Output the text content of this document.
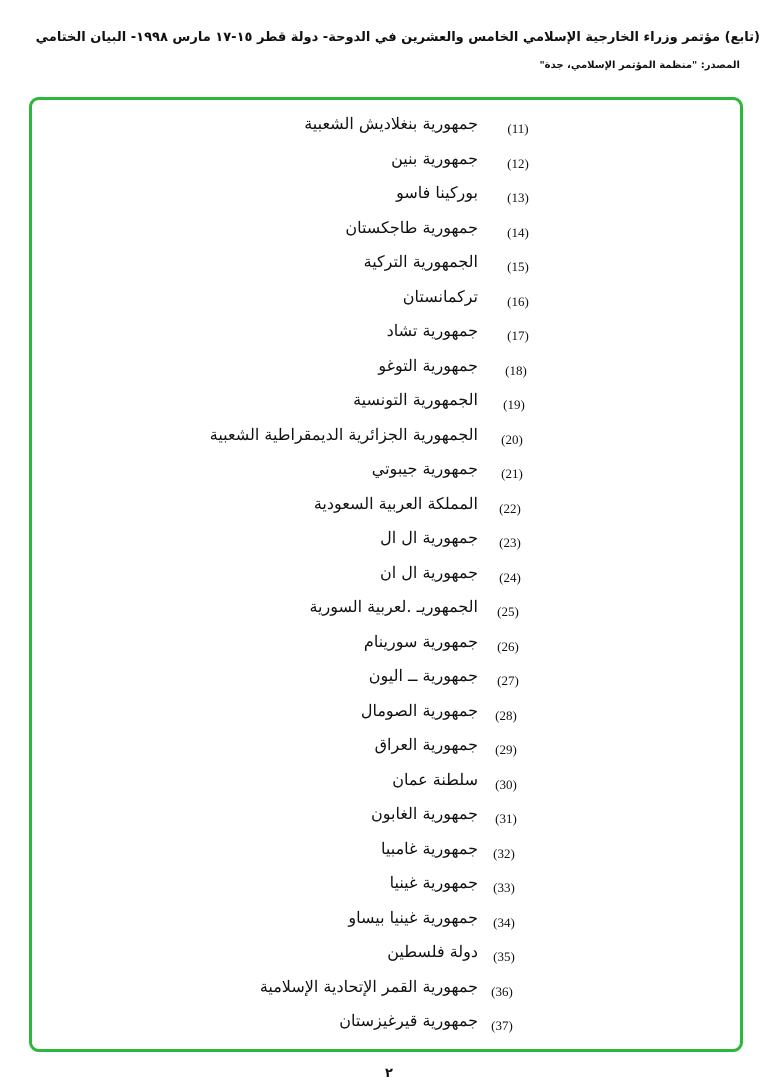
(تابع) مؤتمر وزراء الخارجية الإسلامي الخامس والعشرين في الدوحة- دولة قطر ١٥-١٧ مارس ١٩٩٨- البيان الختامي
المصدر: "منظمة المؤتمر الإسلامي، جدة"
(11)
جمهورية بنغلاديش الشعبية
(12)
جمهورية بنين
(13)
بوركينا فاسو
(14)
جمهورية طاجكستان
(15)
الجمهورية التركية
(16)
تركمانستان
(17)
جمهورية تشاد
(18)
جمهورية التوغو
(19)
الجمهورية التونسية
(20)
الجمهورية الجزائرية الديمقراطية الشعبية
(21)
جمهورية جيبوتي
(22)
المملكة العربية السعودية
(23)
جمهورية ال ال
(24)
جمهورية ال ان
(25)
الجمهوريـ .لعربية السورية
(26)
جمهورية سورينام
(27)
جمهورية ــ اليون
(28)
جمهورية الصومال
(29)
جمهورية العراق
(30)
سلطنة عمان
(31)
جمهورية الغابون
(32)
جمهورية غامبيا
(33)
جمهورية غينيا
(34)
جمهورية غينيا بيساو
(35)
دولة فلسطين
(36)
جمهورية القمر الإتحادية الإسلامية
(37)
جمهورية قيرغيزستان
٢
